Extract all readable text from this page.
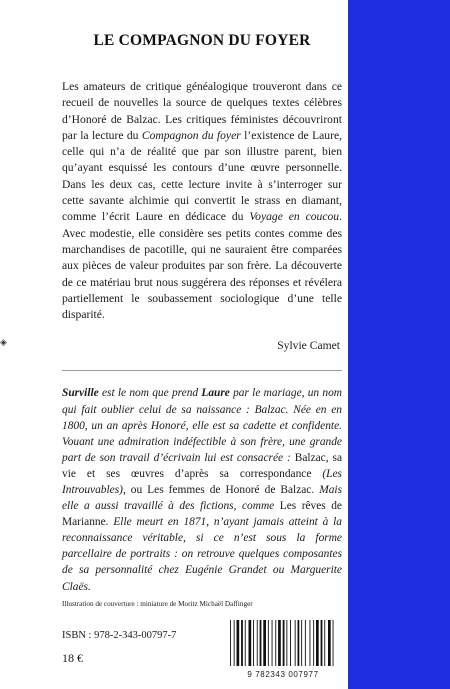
◈
LE COMPAGNON DU FOYER

Les amateurs de critique généalogique trouveront dans ce recueil de nouvelles la source de quelques textes célèbres d’Honoré de Balzac. Les critiques féministes découvriront par la lecture du Compagnon du foyer l’existence de Laure, celle qui n’a de réalité que par son illustre parent, bien qu’ayant esquissé les contours d’une œuvre personnelle. Dans les deux cas, cette lecture invite à s’interroger sur cette savante alchimie qui convertit le strass en diamant, comme l’écrit Laure en dédicace du Voyage en coucou. Avec modestie, elle considère ses petits contes comme des marchandises de pacotille, qui ne sauraient être comparées aux pièces de valeur produites par son frère. La découverte de ce matériau brut nous suggérera des réponses et révélera partiellement le soubassement sociologique d’une telle disparité.

Sylvie Camet

Surville est le nom que prend Laure par le mariage, un nom qui fait oublier celui de sa naissance : Balzac. Née en en 1800, un an après Honoré, elle est sa cadette et confidente. Vouant une admiration indéfectible à son frère, une grande part de son travail d’écrivain lui est consacrée : Balzac, sa vie et ses œuvres d’après sa correspondance (Les Introuvables), ou Les femmes de Honoré de Balzac. Mais elle a aussi travaillé à des fictions, comme Les rêves de Marianne. Elle meurt en 1871, n’ayant jamais atteint à la reconnaissance véritable, si ce n’est sous la forme parcellaire de portraits : on retrouve quelques composantes de sa personnalité chez Eugénie Grandet ou Marguerite Claës.

Illustration de couverture : miniature de Moritz Michaël Daffinger
ISBN : 978-2-343-00797-7
18 €
9 782343 007977
